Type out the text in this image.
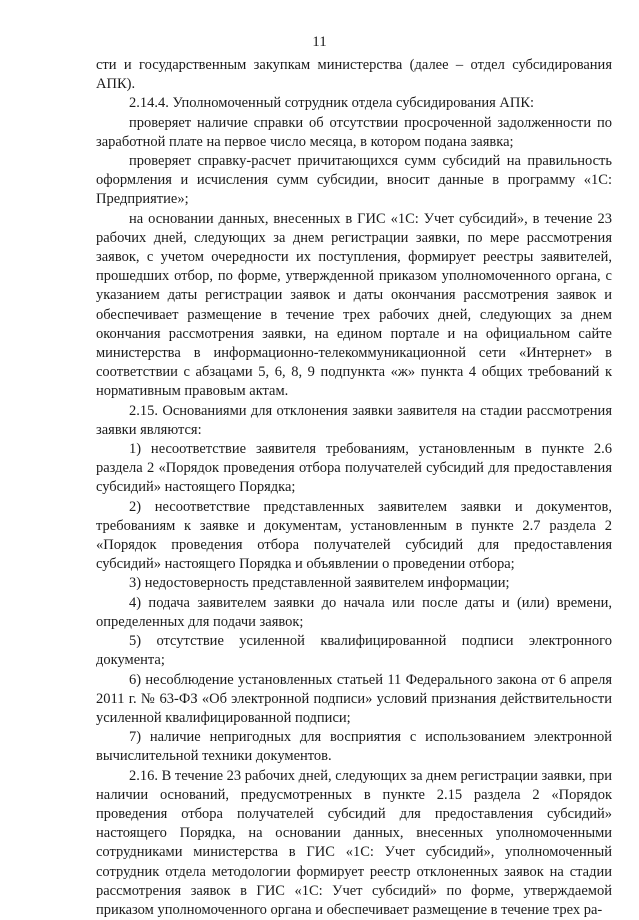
11

сти и государственным закупкам министерства (далее – отдел субсидирования АПК).

2.14.4. Уполномоченный сотрудник отдела субсидирования АПК:

проверяет наличие справки об отсутствии просроченной задолженности по заработной плате на первое число месяца, в котором подана заявка;

проверяет справку-расчет причитающихся сумм субсидий на правильность оформления и исчисления сумм субсидии, вносит данные в программу «1С: Предприятие»;

на основании данных, внесенных в ГИС «1С: Учет субсидий», в течение 23 рабочих дней, следующих за днем регистрации заявки, по мере рассмотрения заявок, с учетом очередности их поступления, формирует реестры заявителей, прошедших отбор, по форме, утвержденной приказом уполномоченного органа, с указанием даты регистрации заявок и даты окончания рассмотрения заявок и обеспечивает размещение в течение трех рабочих дней, следующих за днем окончания рассмотрения заявки, на едином портале и на официальном сайте министерства в информационно-телекоммуникационной сети «Интернет» в соответствии с абзацами 5, 6, 8, 9 подпункта «ж» пункта 4 общих требований к нормативным правовым актам.

2.15. Основаниями для отклонения заявки заявителя на стадии рассмотрения заявки являются:

1) несоответствие заявителя требованиям, установленным в пункте 2.6 раздела 2 «Порядок проведения отбора получателей субсидий для предоставления субсидий» настоящего Порядка;

2) несоответствие представленных заявителем заявки и документов, требованиям к заявке и документам, установленным в пункте 2.7 раздела 2 «Порядок проведения отбора получателей субсидий для предоставления субсидий» настоящего Порядка и объявлении о проведении отбора;

3) недостоверность представленной заявителем информации;

4) подача заявителем заявки до начала или после даты и (или) времени, определенных для подачи заявок;

5) отсутствие усиленной квалифицированной подписи электронного документа;

6) несоблюдение установленных статьей 11 Федерального закона от 6 апреля 2011 г. № 63-ФЗ «Об электронной подписи» условий признания действительности усиленной квалифицированной подписи;

7) наличие непригодных для восприятия с использованием электронной вычислительной техники документов.

2.16. В течение 23 рабочих дней, следующих за днем регистрации заявки, при наличии оснований, предусмотренных в пункте 2.15 раздела 2 «Порядок проведения отбора получателей субсидий для предоставления субсидий» настоящего Порядка, на основании данных, внесенных уполномоченными сотрудниками министерства в ГИС «1С: Учет субсидий», уполномоченный сотрудник отдела методологии формирует реестр отклоненных заявок на стадии рассмотрения заявок в ГИС «1С: Учет субсидий» по форме, утверждаемой приказом уполномоченного органа и обеспечивает размещение в течение трех ра-
